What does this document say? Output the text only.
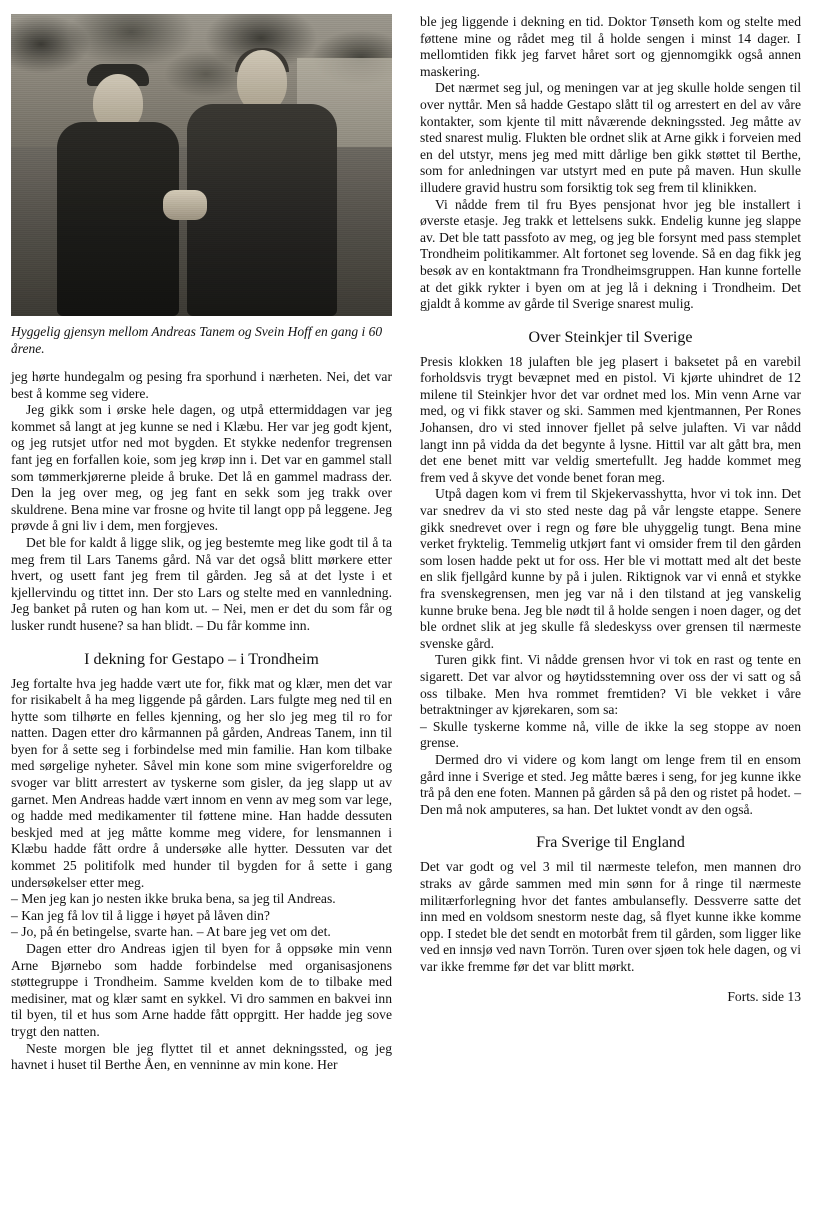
Hyggelig gjensyn mellom Andreas Tanem og Svein Hoff en gang i 60 årene.

jeg hørte hundegalm og pesing fra sporhund i nærheten. Nei, det var best å komme seg videre.

Jeg gikk som i ørske hele dagen, og utpå ettermiddagen var jeg kommet så langt at jeg kunne se ned i Klæbu. Her var jeg godt kjent, og jeg rutsjet utfor ned mot bygden. Et stykke nedenfor tregrensen fant jeg en forfallen koie, som jeg krøp inn i. Det var en gammel stall som tømmerkjørerne pleide å bruke. Det lå en gammel madrass der. Den la jeg over meg, og jeg fant en sekk som jeg trakk over skuldrene. Bena mine var frosne og hvite til langt opp på leggene. Jeg prøvde å gni liv i dem, men forgjeves.

Det ble for kaldt å ligge slik, og jeg bestemte meg like godt til å ta meg frem til Lars Tanems gård. Nå var det også blitt mørkere etter hvert, og usett fant jeg frem til gården. Jeg så at det lyste i et kjellervindu og tittet inn. Der sto Lars og stelte med en vannledning. Jeg banket på ruten og han kom ut. – Nei, men er det du som får og lusker rundt husene? sa han blidt. – Du får komme inn.

I dekning for Gestapo – i Trondheim

Jeg fortalte hva jeg hadde vært ute for, fikk mat og klær, men det var for risikabelt å ha meg liggende på gården. Lars fulgte meg ned til en hytte som tilhørte en felles kjenning, og her slo jeg meg til ro for natten. Dagen etter dro kårmannen på gården, Andreas Tanem, inn til byen for å sette seg i forbindelse med min familie. Han kom tilbake med sørgelige nyheter. Såvel min kone som mine svigerforeldre og svoger var blitt arrestert av tyskerne som gisler, da jeg slapp ut av garnet. Men Andreas hadde vært innom en venn av meg som var lege, og hadde med medikamenter til føttene mine. Han hadde dessuten beskjed med at jeg måtte komme meg videre, for lensmannen i Klæbu hadde fått ordre å undersøke alle hytter. Dessuten var det kommet 25 politifolk med hunder til bygden for å sette i gang undersøkelser etter meg.

– Men jeg kan jo nesten ikke bruka bena, sa jeg til Andreas.

– Kan jeg få lov til å ligge i høyet på låven din?

– Jo, på én betingelse, svarte han. – At bare jeg vet om det.

Dagen etter dro Andreas igjen til byen for å oppsøke min venn Arne Bjørnebo som hadde forbindelse med organisasjonens støttegruppe i Trondheim. Samme kvelden kom de to tilbake med medisiner, mat og klær samt en sykkel. Vi dro sammen en bakvei inn til byen, til et hus som Arne hadde fått opprgitt. Her hadde jeg sove trygt den natten.

Neste morgen ble jeg flyttet til et annet dekningssted, og jeg havnet i huset til Berthe Åen, en venninne av min kone. Her

ble jeg liggende i dekning en tid. Doktor Tønseth kom og stelte med føttene mine og rådet meg til å holde sengen i minst 14 dager. I mellomtiden fikk jeg farvet håret sort og gjennomgikk også annen maskering.

Det nærmet seg jul, og meningen var at jeg skulle holde sengen til over nyttår. Men så hadde Gestapo slått til og arrestert en del av våre kontakter, som kjente til mitt nåværende dekningssted. Jeg måtte av sted snarest mulig. Flukten ble ordnet slik at Arne gikk i forveien med en del utstyr, mens jeg med mitt dårlige ben gikk støttet til Berthe, som for anledningen var utstyrt med en pute på maven. Hun skulle illudere gravid hustru som forsiktig tok seg frem til klinikken.

Vi nådde frem til fru Byes pensjonat hvor jeg ble installert i øverste etasje. Jeg trakk et lettelsens sukk. Endelig kunne jeg slappe av. Det ble tatt passfoto av meg, og jeg ble forsynt med pass stemplet Trondheim politikammer. Alt fortonet seg lovende. Så en dag fikk jeg besøk av en kontaktmann fra Trondheimsgruppen. Han kunne fortelle at det gikk rykter i byen om at jeg lå i dekning i Trondheim. Det gjaldt å komme av gårde til Sverige snarest mulig.

Over Steinkjer til Sverige

Presis klokken 18 julaften ble jeg plasert i baksetet på en varebil forholdsvis trygt bevæpnet med en pistol. Vi kjørte uhindret de 12 milene til Steinkjer hvor det var ordnet med los. Min venn Arne var med, og vi fikk staver og ski. Sammen med kjentmannen, Per Rones Johansen, dro vi sted innover fjellet på selve julaften. Vi var nådd langt inn på vidda da det begynte å lysne. Hittil var alt gått bra, men det ene benet mitt var veldig smertefullt. Jeg hadde kommet meg frem ved å skyve det vonde benet foran meg.

Utpå dagen kom vi frem til Skjekervasshytta, hvor vi tok inn. Det var snedrev da vi sto sted neste dag på vår lengste etappe. Senere gikk snedrevet over i regn og føre ble uhyggelig tungt. Bena mine verket fryktelig. Temmelig utkjørt fant vi omsider frem til den gården som losen hadde pekt ut for oss. Her ble vi mottatt med alt det beste en slik fjellgård kunne by på i julen. Riktignok var vi ennå et stykke fra svenskegrensen, men jeg var nå i den tilstand at jeg vanskelig kunne bruke bena. Jeg ble nødt til å holde sengen i noen dager, og det ble ordnet slik at jeg skulle få sledeskyss over grensen til nærmeste svenske gård.

Turen gikk fint. Vi nådde grensen hvor vi tok en rast og tente en sigarett. Det var alvor og høytidsstemning over oss der vi satt og så oss tilbake. Men hva rommet fremtiden? Vi ble vekket i våre betraktninger av kjørekaren, som sa:

– Skulle tyskerne komme nå, ville de ikke la seg stoppe av noen grense.

Dermed dro vi videre og kom langt om lenge frem til en ensom gård inne i Sverige et sted. Jeg måtte bæres i seng, for jeg kunne ikke trå på den ene foten. Mannen på gården så på den og ristet på hodet. – Den må nok amputeres, sa han. Det luktet vondt av den også.

Fra Sverige til England

Det var godt og vel 3 mil til nærmeste telefon, men mannen dro straks av gårde sammen med min sønn for å ringe til nærmeste militærforlegning hvor det fantes ambulansefly. Dessverre satte det inn med en voldsom snestorm neste dag, så flyet kunne ikke komme opp. I stedet ble det sendt en motorbåt frem til gården, som ligger like ved en innsjø ved navn Torrön. Turen over sjøen tok hele dagen, og vi var ikke fremme før det var blitt mørkt.

Forts. side 13
